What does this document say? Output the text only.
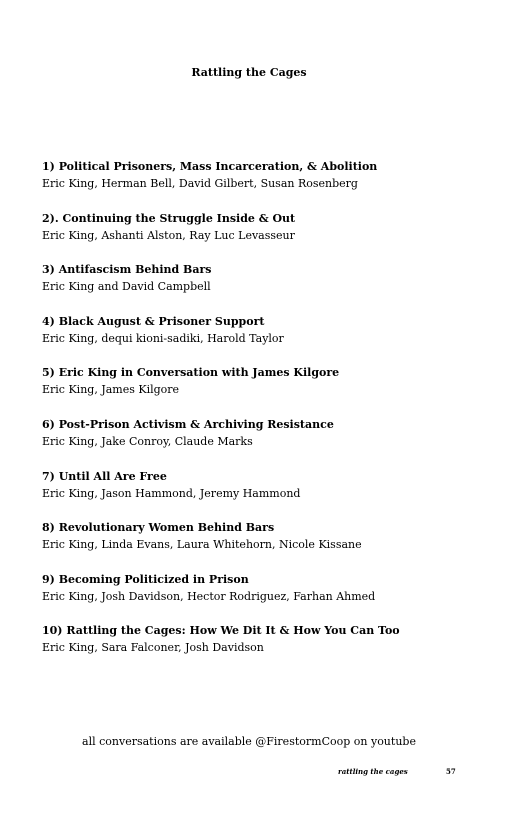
Rattling the Cages
1) Political Prisoners, Mass Incarceration, & Abolition
Eric King, Herman Bell, David Gilbert, Susan Rosenberg
2). Continuing the Struggle Inside & Out
Eric King, Ashanti Alston, Ray Luc Levasseur
3) Antifascism Behind Bars
Eric King and David Campbell
4) Black August & Prisoner Support
Eric King, dequi kioni-sadiki, Harold Taylor
5) Eric King in Conversation with James Kilgore
Eric King, James Kilgore
6) Post-Prison Activism & Archiving Resistance
Eric King, Jake Conroy, Claude Marks
7) Until All Are Free
Eric King, Jason Hammond, Jeremy Hammond
8) Revolutionary Women Behind Bars
Eric King, Linda Evans, Laura Whitehorn, Nicole Kissane
9) Becoming Politicized in Prison
Eric King, Josh Davidson, Hector Rodriguez, Farhan Ahmed
10) Rattling the Cages: How We Dit It & How You Can Too
Eric King, Sara Falconer, Josh Davidson
all conversations are available @FirestormCoop on youtube
rattling the cages	57
